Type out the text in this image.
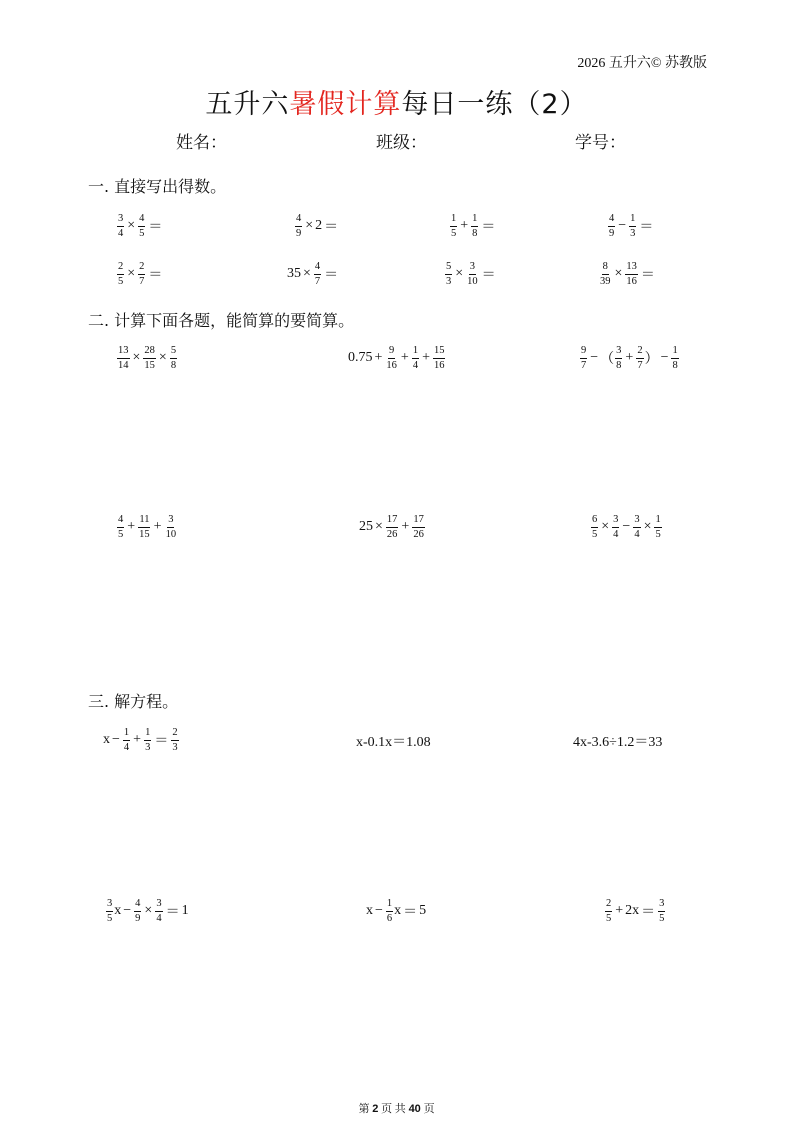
2026 五升六© 苏教版
五升六暑假计算每日一练（2）
姓名：	班级：	学号：
一. 直接写出得数。
$\frac{3}{4} \times \frac{4}{5}$ ＝	$\frac{4}{9} \times 2$ ＝	$\frac{1}{5} + \frac{1}{8}$ ＝	$\frac{4}{9} - \frac{1}{3}$ ＝
$\frac{2}{5} \times \frac{2}{7}$ ＝	$35 \times \frac{4}{7}$ ＝	$\frac{5}{3} \times \frac{3}{10}$ ＝	$\frac{8}{39} \times \frac{13}{16}$ ＝
二. 计算下面各题，能简算的要简算。
$\frac{13}{14} \times \frac{28}{15} \times \frac{5}{8}$	$0.75 + \frac{9}{16} + \frac{1}{4} + \frac{15}{16}$	$\frac{9}{7}$ − （ $\frac{3}{8} + \frac{2}{7}$ ） − $\frac{1}{8}$
$\frac{4}{5} + \frac{11}{15} + \frac{3}{10}$	$25 \times \frac{17}{26} + \frac{17}{26}$	$\frac{6}{5} \times \frac{3}{4} - \frac{3}{4} \times \frac{1}{5}$
三. 解方程。
$x - \frac{1}{4} + \frac{1}{3} = \frac{2}{3}$	x-0.1x＝1.08	4x-3.6÷1.2＝33
$\frac{3}{5}$ $x - \frac{4}{9} \times \frac{3}{4} = 1$	$x - \frac{1}{6}$ x ＝ 5	$\frac{2}{5} + 2x = \frac{3}{5}$
第 2 页 共 40 页
